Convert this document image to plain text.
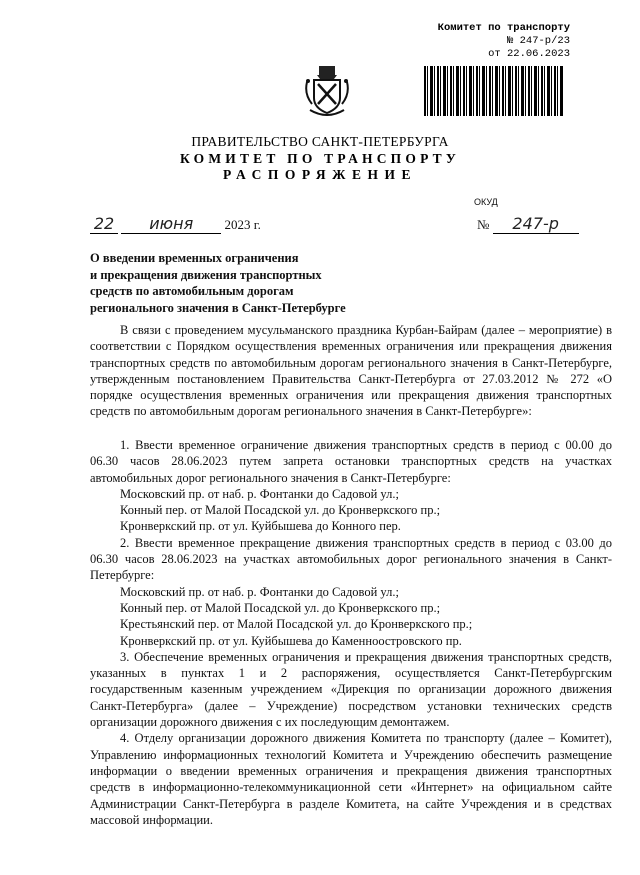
Комитет по транспорту
№ 247-р/23
от 22.06.2023
ПРАВИТЕЛЬСТВО САНКТ-ПЕТЕРБУРГА
КОМИТЕТ ПО ТРАНСПОРТУ
РАСПОРЯЖЕНИЕ
ОКУД
22 июня 2023 г.	№ 247-р
О введении временных ограничения
и прекращения движения транспортных
средств по автомобильным дорогам
регионального значения в Санкт-Петербурге

В связи с проведением мусульманского праздника Курбан-Байрам (далее – мероприятие) в соответствии с Порядком осуществления временных ограничения или прекращения движения транспортных средств по автомобильным дорогам регионального значения в Санкт-Петербурге, утвержденным постановлением Правительства Санкт-Петербурга от 27.03.2012 № 272 «О порядке осуществления временных ограничения или прекращения движения транспортных средств по автомобильным дорогам регионального значения в Санкт-Петербурге»:

1. Ввести временное ограничение движения транспортных средств в период с 00.00 до 06.30 часов 28.06.2023 путем запрета остановки транспортных средств на участках автомобильных дорог регионального значения в Санкт-Петербурге:

Московский пр. от наб. р. Фонтанки до Садовой ул.;

Конный пер. от Малой Посадской ул. до Кронверкского пр.;

Кронверкский пр. от ул. Куйбышева до Конного пер.

2. Ввести временное прекращение движения транспортных средств в период с 03.00 до 06.30 часов 28.06.2023 на участках автомобильных дорог регионального значения в Санкт-Петербурге:

Московский пр. от наб. р. Фонтанки до Садовой ул.;

Конный пер. от Малой Посадской ул. до Кронверкского пр.;

Крестьянский пер. от Малой Посадской ул. до Кронверкского пр.;

Кронверкский пр. от ул. Куйбышева до Каменноостровского пр.

3. Обеспечение временных ограничения и прекращения движения транспортных средств, указанных в пунктах 1 и 2 распоряжения, осуществляется Санкт-Петербургским государственным казенным учреждением «Дирекция по организации дорожного движения Санкт-Петербурга» (далее – Учреждение) посредством установки технических средств организации дорожного движения с их последующим демонтажем.

4. Отделу организации дорожного движения Комитета по транспорту (далее – Комитет), Управлению информационных технологий Комитета и Учреждению обеспечить размещение информации о введении временных ограничения и прекращения движения транспортных средств в информационно-телекоммуникационной сети «Интернет» на официальном сайте Администрации Санкт-Петербурга в разделе Комитета, на сайте Учреждения и в средствах массовой информации.
